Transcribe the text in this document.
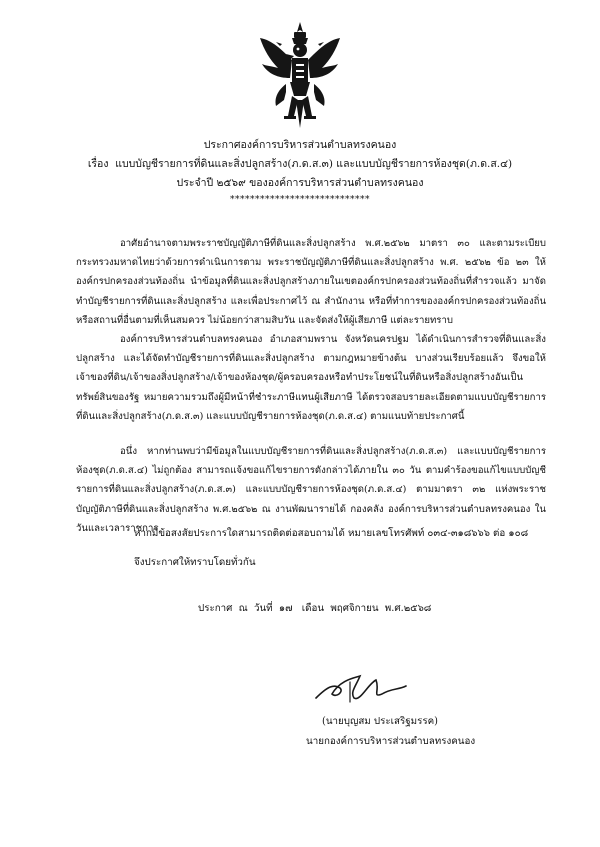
ประกาศองค์การบริหารส่วนตำบลทรงคนอง
เรื่อง แบบบัญชีรายการที่ดินและสิ่งปลูกสร้าง(ภ.ด.ส.๓) และแบบบัญชีรายการห้องชุด(ภ.ด.ส.๔)
ประจำปี ๒๕๖๙ ขององค์การบริหารส่วนตำบลทรงคนอง
****************************
อาศัยอำนาจตามพระราชบัญญัติภาษีที่ดินและสิ่งปลูกสร้าง พ.ศ.๒๕๖๒ มาตรา ๓๐ และตามระเบียบกระทรวงมหาดไทยว่าด้วยการดำเนินการตาม พระราชบัญญัติภาษีที่ดินและสิ่งปลูกสร้าง พ.ศ. ๒๕๖๒ ข้อ ๒๓ ให้องค์กรปกครองส่วนท้องถิ่น นำข้อมูลที่ดินและสิ่งปลูกสร้างภายในเขตองค์กรปกครองส่วนท้องถิ่นที่สำรวจแล้ว มาจัดทำบัญชีรายการที่ดินและสิ่งปลูกสร้าง และเพื่อประกาศไว้ ณ สำนักงาน หรือที่ทำการขององค์กรปกครองส่วนท้องถิ่น หรือสถานที่อื่นตามที่เห็นสมควร ไม่น้อยกว่าสามสิบวัน และจัดส่งให้ผู้เสียภาษี แต่ละรายทราบ
องค์การบริหารส่วนตำบลทรงคนอง อำเภอสามพราน จังหวัดนครปฐม ได้ดำเนินการสำรวจที่ดินและสิ่งปลูกสร้าง และได้จัดทำบัญชีรายการที่ดินและสิ่งปลูกสร้าง ตามกฎหมายข้างต้น บางส่วนเรียบร้อยแล้ว จึงขอให้ เจ้าของที่ดิน/เจ้าของสิ่งปลูกสร้าง/เจ้าของห้องชุด/ผู้ครอบครองหรือทำประโยชน์ในที่ดินหรือสิ่งปลูกสร้างอันเป็นทรัพย์สินของรัฐ หมายความรวมถึงผู้มีหน้าที่ชำระภาษีแทนผู้เสียภาษี ได้ตรวจสอบรายละเอียดตามแบบบัญชีรายการที่ดินและสิ่งปลูกสร้าง(ภ.ด.ส.๓) และแบบบัญชีรายการห้องชุด(ภ.ด.ส.๔) ตามแนบท้ายประกาศนี้
อนึ่ง หากท่านพบว่ามีข้อมูลในแบบบัญชีรายการที่ดินและสิ่งปลูกสร้าง(ภ.ด.ส.๓) และแบบบัญชีรายการห้องชุด(ภ.ด.ส.๔) ไม่ถูกต้อง สามารถแจ้งขอแก้ไขรายการดังกล่าวได้ภายใน ๓๐ วัน ตามคำร้องขอแก้ไขแบบบัญชีรายการที่ดินและสิ่งปลูกสร้าง(ภ.ด.ส.๓) และแบบบัญชีรายการห้องชุด(ภ.ด.ส.๔) ตามมาตรา ๓๒ แห่งพระราชบัญญัติภาษีที่ดินและสิ่งปลูกสร้าง พ.ศ.๒๕๖๒ ณ งานพัฒนารายได้ กองคลัง องค์การบริหารส่วนตำบลทรงคนอง ในวันและเวลาราชการ
หากมีข้อสงสัยประการใดสามารถติดต่อสอบถามได้ หมายเลขโทรศัพท์ ๐๓๔-๓๑๘๖๖๖ ต่อ ๑๐๘
จึงประกาศให้ทราบโดยทั่วกัน
ประกาศ ณ วันที่ ๑๗ เดือน พฤศจิกายน พ.ศ.๒๕๖๘
(นายบุญสม ประเสริฐมรรค)
นายกองค์การบริหารส่วนตำบลทรงคนอง
